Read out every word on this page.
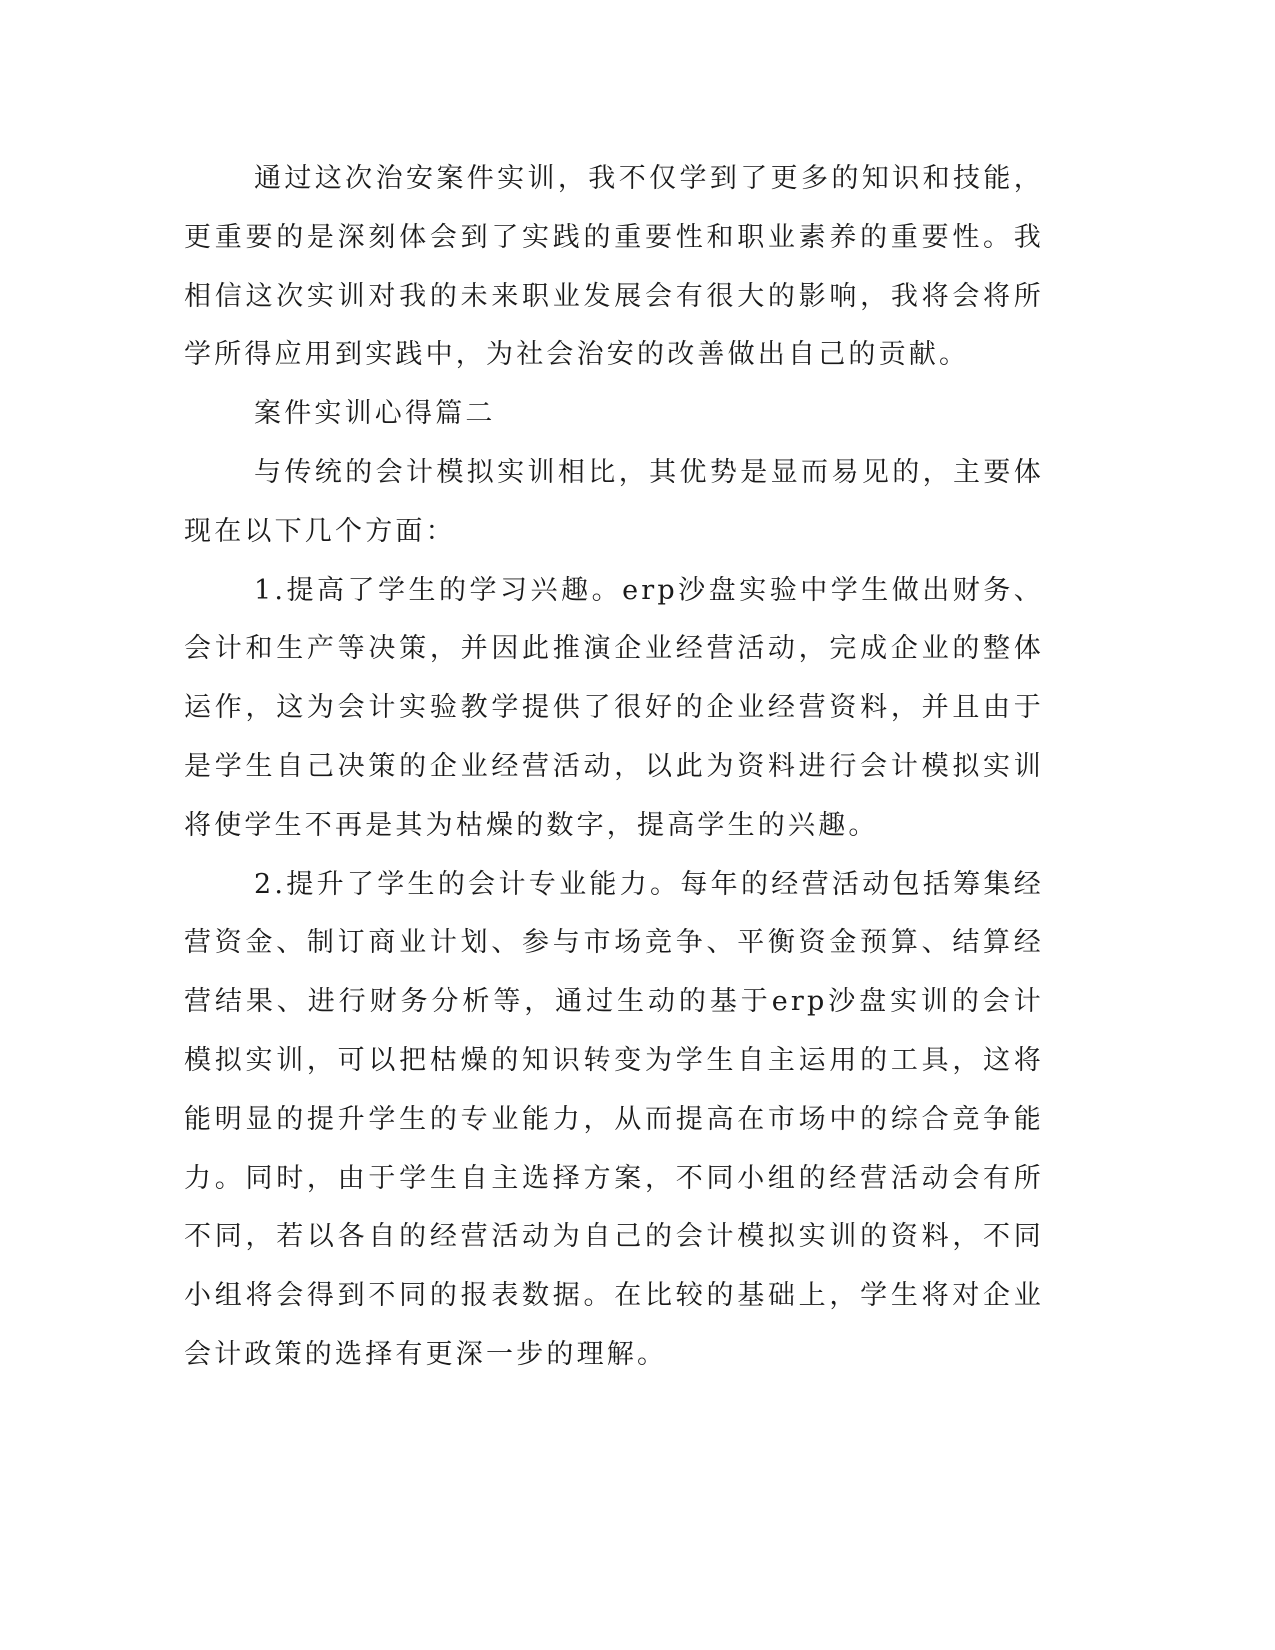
通过这次治安案件实训，我不仅学到了更多的知识和技能，更重要的是深刻体会到了实践的重要性和职业素养的重要性。我相信这次实训对我的未来职业发展会有很大的影响，我将会将所学所得应用到实践中，为社会治安的改善做出自己的贡献。

案件实训心得篇二

与传统的会计模拟实训相比，其优势是显而易见的，主要体现在以下几个方面：

1.提高了学生的学习兴趣。erp沙盘实验中学生做出财务、会计和生产等决策，并因此推演企业经营活动，完成企业的整体运作，这为会计实验教学提供了很好的企业经营资料，并且由于是学生自己决策的企业经营活动，以此为资料进行会计模拟实训将使学生不再是其为枯燥的数字，提高学生的兴趣。

2.提升了学生的会计专业能力。每年的经营活动包括筹集经营资金、制订商业计划、参与市场竞争、平衡资金预算、结算经营结果、进行财务分析等，通过生动的基于erp沙盘实训的会计模拟实训，可以把枯燥的知识转变为学生自主运用的工具，这将能明显的提升学生的专业能力，从而提高在市场中的综合竞争能力。同时，由于学生自主选择方案，不同小组的经营活动会有所不同，若以各自的经营活动为自己的会计模拟实训的资料，不同小组将会得到不同的报表数据。在比较的基础上，学生将对企业会计政策的选择有更深一步的理解。
